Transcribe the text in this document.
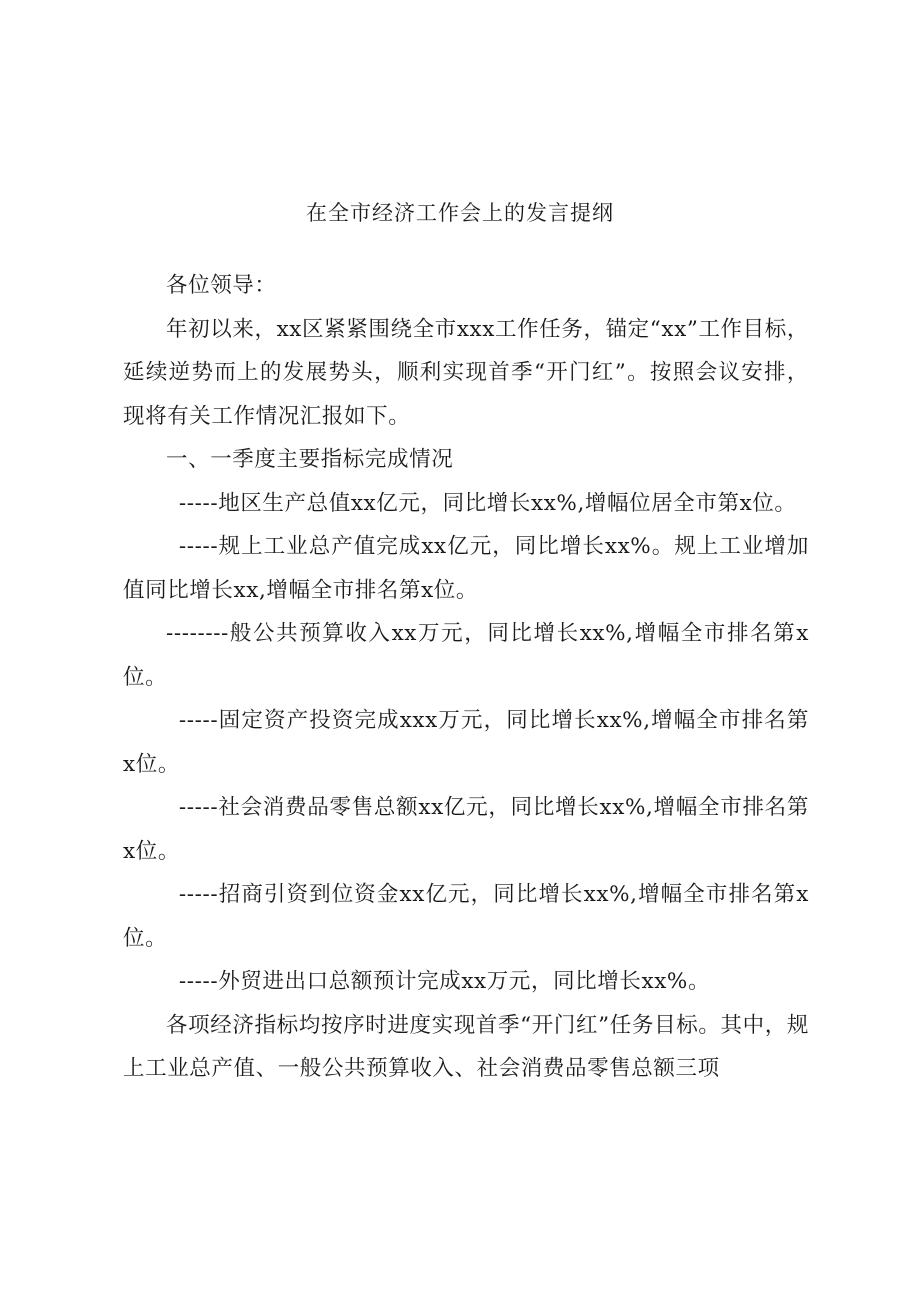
在全市经济工作会上的发言提纲

各位领导：

年初以来，xx区紧紧围绕全市xxx工作任务，锚定“xx”工作目标，延续逆势而上的发展势头，顺利实现首季“开门红”。按照会议安排，现将有关工作情况汇报如下。

一、一季度主要指标完成情况

-----地区生产总值xx亿元，同比增长xx%,增幅位居全市第x位。

-----规上工业总产值完成xx亿元，同比增长xx%。规上工业增加值同比增长xx,增幅全市排名第x位。

--------般公共预算收入xx万元，同比增长xx%,增幅全市排名第x位。

-----固定资产投资完成xxx万元，同比增长xx%,增幅全市排名第x位。

-----社会消费品零售总额xx亿元，同比增长xx%,增幅全市排名第x位。

-----招商引资到位资金xx亿元，同比增长xx%,增幅全市排名第x位。

-----外贸进出口总额预计完成xx万元，同比增长xx%。

各项经济指标均按序时进度实现首季“开门红”任务目标。其中，规上工业总产值、一般公共预算收入、社会消费品零售总额三项
